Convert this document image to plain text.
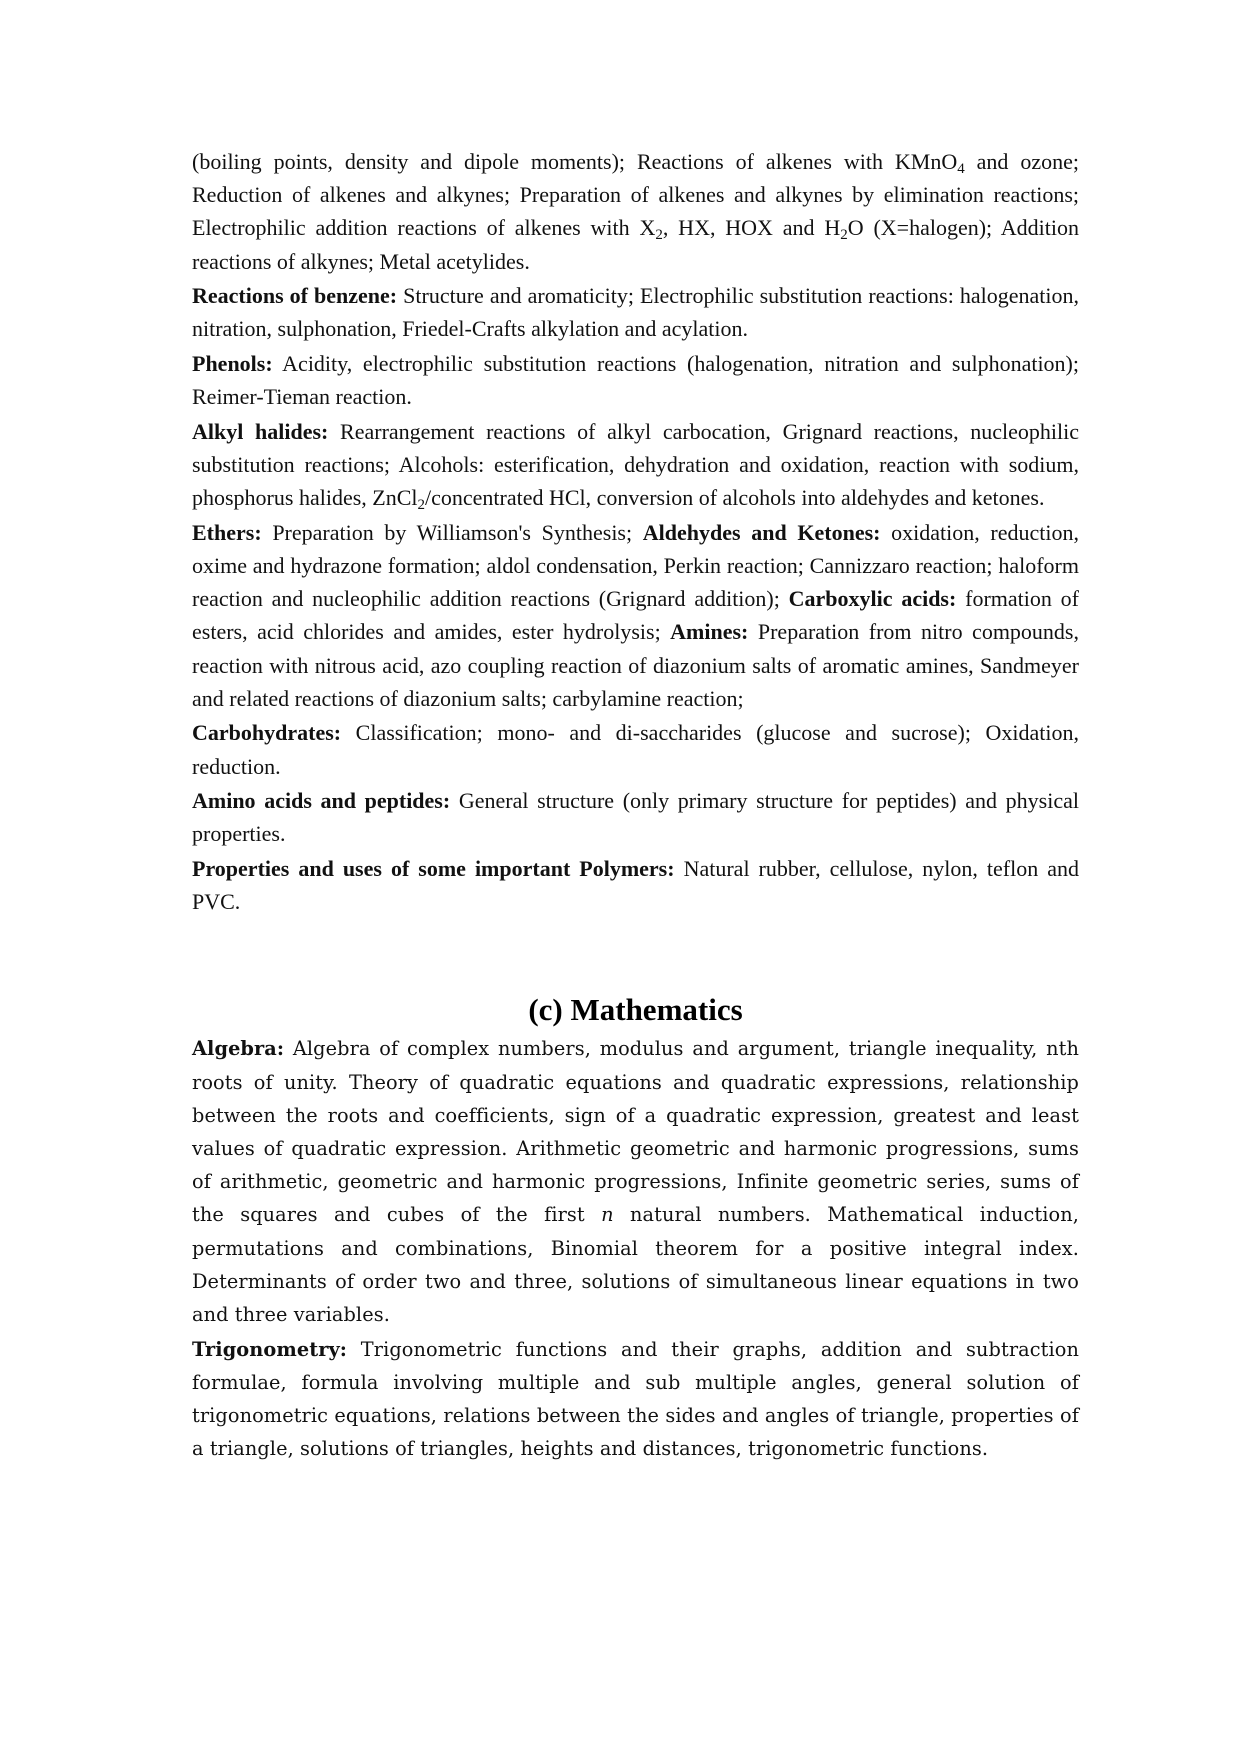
(boiling points, density and dipole moments); Reactions of alkenes with KMnO$_4$ and ozone; Reduction of alkenes and alkynes; Preparation of alkenes and alkynes by elimination reactions; Electrophilic addition reactions of alkenes with $X_2$, HX, HOX and $H_2O$ (X=halogen); Addition reactions of alkynes; Metal acetylides.

Reactions of benzene: Structure and aromaticity; Electrophilic substitution reactions: halogenation, nitration, sulphonation, Friedel-Crafts alkylation and acylation.

Phenols: Acidity, electrophilic substitution reactions (halogenation, nitration and sulphonation); Reimer-Tieman reaction.

Alkyl halides: Rearrangement reactions of alkyl carbocation, Grignard reactions, nucleophilic substitution reactions; Alcohols: esterification, dehydration and oxidation, reaction with sodium, phosphorus halides, ZnCl$_2$/concentrated HCl, conversion of alcohols into aldehydes and ketones.

Ethers: Preparation by Williamson's Synthesis; Aldehydes and Ketones: oxidation, reduction, oxime and hydrazone formation; aldol condensation, Perkin reaction; Cannizzaro reaction; haloform reaction and nucleophilic addition reactions (Grignard addition); Carboxylic acids: formation of esters, acid chlorides and amides, ester hydrolysis; Amines: Preparation from nitro compounds, reaction with nitrous acid, azo coupling reaction of diazonium salts of aromatic amines, Sandmeyer and related reactions of diazonium salts; carbylamine reaction;

Carbohydrates: Classification; mono- and di-saccharides (glucose and sucrose); Oxidation, reduction.

Amino acids and peptides: General structure (only primary structure for peptides) and physical properties.

Properties and uses of some important Polymers: Natural rubber, cellulose, nylon, teflon and PVC.

(c) Mathematics

Algebra: Algebra of complex numbers, modulus and argument, triangle inequality, nth roots of unity. Theory of quadratic equations and quadratic expressions, relationship between the roots and coefficients, sign of a quadratic expression, greatest and least values of quadratic expression. Arithmetic geometric and harmonic progressions, sums of arithmetic, geometric and harmonic progressions, Infinite geometric series, sums of the squares and cubes of the first n natural numbers. Mathematical induction, permutations and combinations, Binomial theorem for a positive integral index. Determinants of order two and three, solutions of simultaneous linear equations in two and three variables.

Trigonometry: Trigonometric functions and their graphs, addition and subtraction formulae, formula involving multiple and sub multiple angles, general solution of trigonometric equations, relations between the sides and angles of triangle, properties of a triangle, solutions of triangles, heights and distances, trigonometric functions.
